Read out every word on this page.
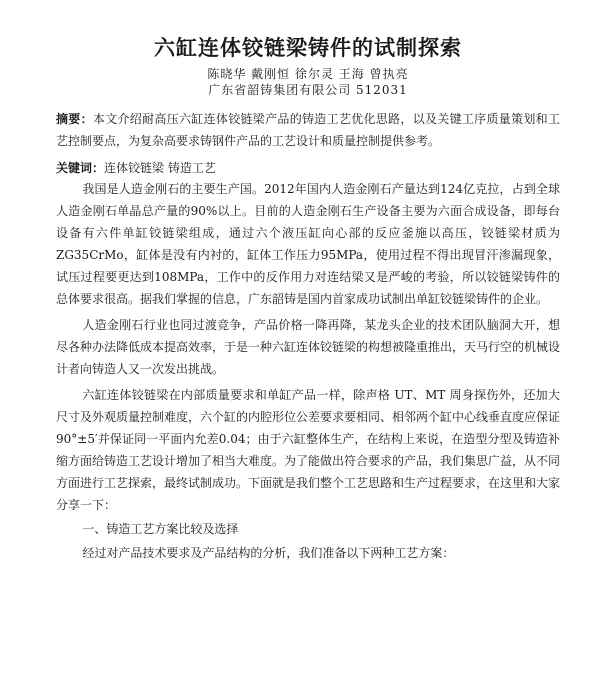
六缸连体铰链梁铸件的试制探索
陈晓华 戴刚恒 徐尔灵 王海 曾执亮
广东省韶铸集团有限公司 512031
摘要：本文介绍耐高压六缸连体铰链梁产品的铸造工艺优化思路，以及关键工序质量策划和工艺控制要点，为复杂高要求铸钢件产品的工艺设计和质量控制提供参考。
关键词：连体铰链梁 铸造工艺

我国是人造金刚石的主要生产国。2012年国内人造金刚石产量达到124亿克拉，占到全球人造金刚石单晶总产量的90%以上。目前的人造金刚石生产设备主要为六面合成设备，即每台设备有六件单缸铰链梁组成，通过六个液压缸向心部的反应釜施以高压，铰链梁材质为ZG35CrMo，缸体是没有内衬的，缸体工作压力95MPa，使用过程不得出现冒汗渗漏现象，试压过程要更达到108MPa，工作中的反作用力对连结梁又是严峻的考验，所以铰链梁铸件的总体要求很高。据我们掌握的信息，广东韶铸是国内首家成功试制出单缸铰链梁铸件的企业。

人造金刚石行业也同过渡竞争，产品价格一降再降，某龙头企业的技术团队脑洞大开，想尽各种办法降低成本提高效率，于是一种六缸连体铰链梁的构想被隆重推出，天马行空的机械设计者向铸造人又一次发出挑战。

六缸连体铰链梁在内部质量要求和单缸产品一样，除声格 UT、MT 周身探伤外，还加大尺寸及外观质量控制难度，六个缸的内腔形位公差要求要相同、相邻两个缸中心线垂直度应保证90°±5′并保证同一平面内允差0.04；由于六缸整体生产，在结构上来说，在造型分型及铸造补缩方面给铸造工艺设计增加了相当大难度。为了能做出符合要求的产品，我们集思广益，从不同方面进行工艺探索，最终试制成功。下面就是我们整个工艺思路和生产过程要求，在这里和大家分享一下：

一、铸造工艺方案比较及选择
经过对产品技术要求及产品结构的分析，我们准备以下两种工艺方案：
